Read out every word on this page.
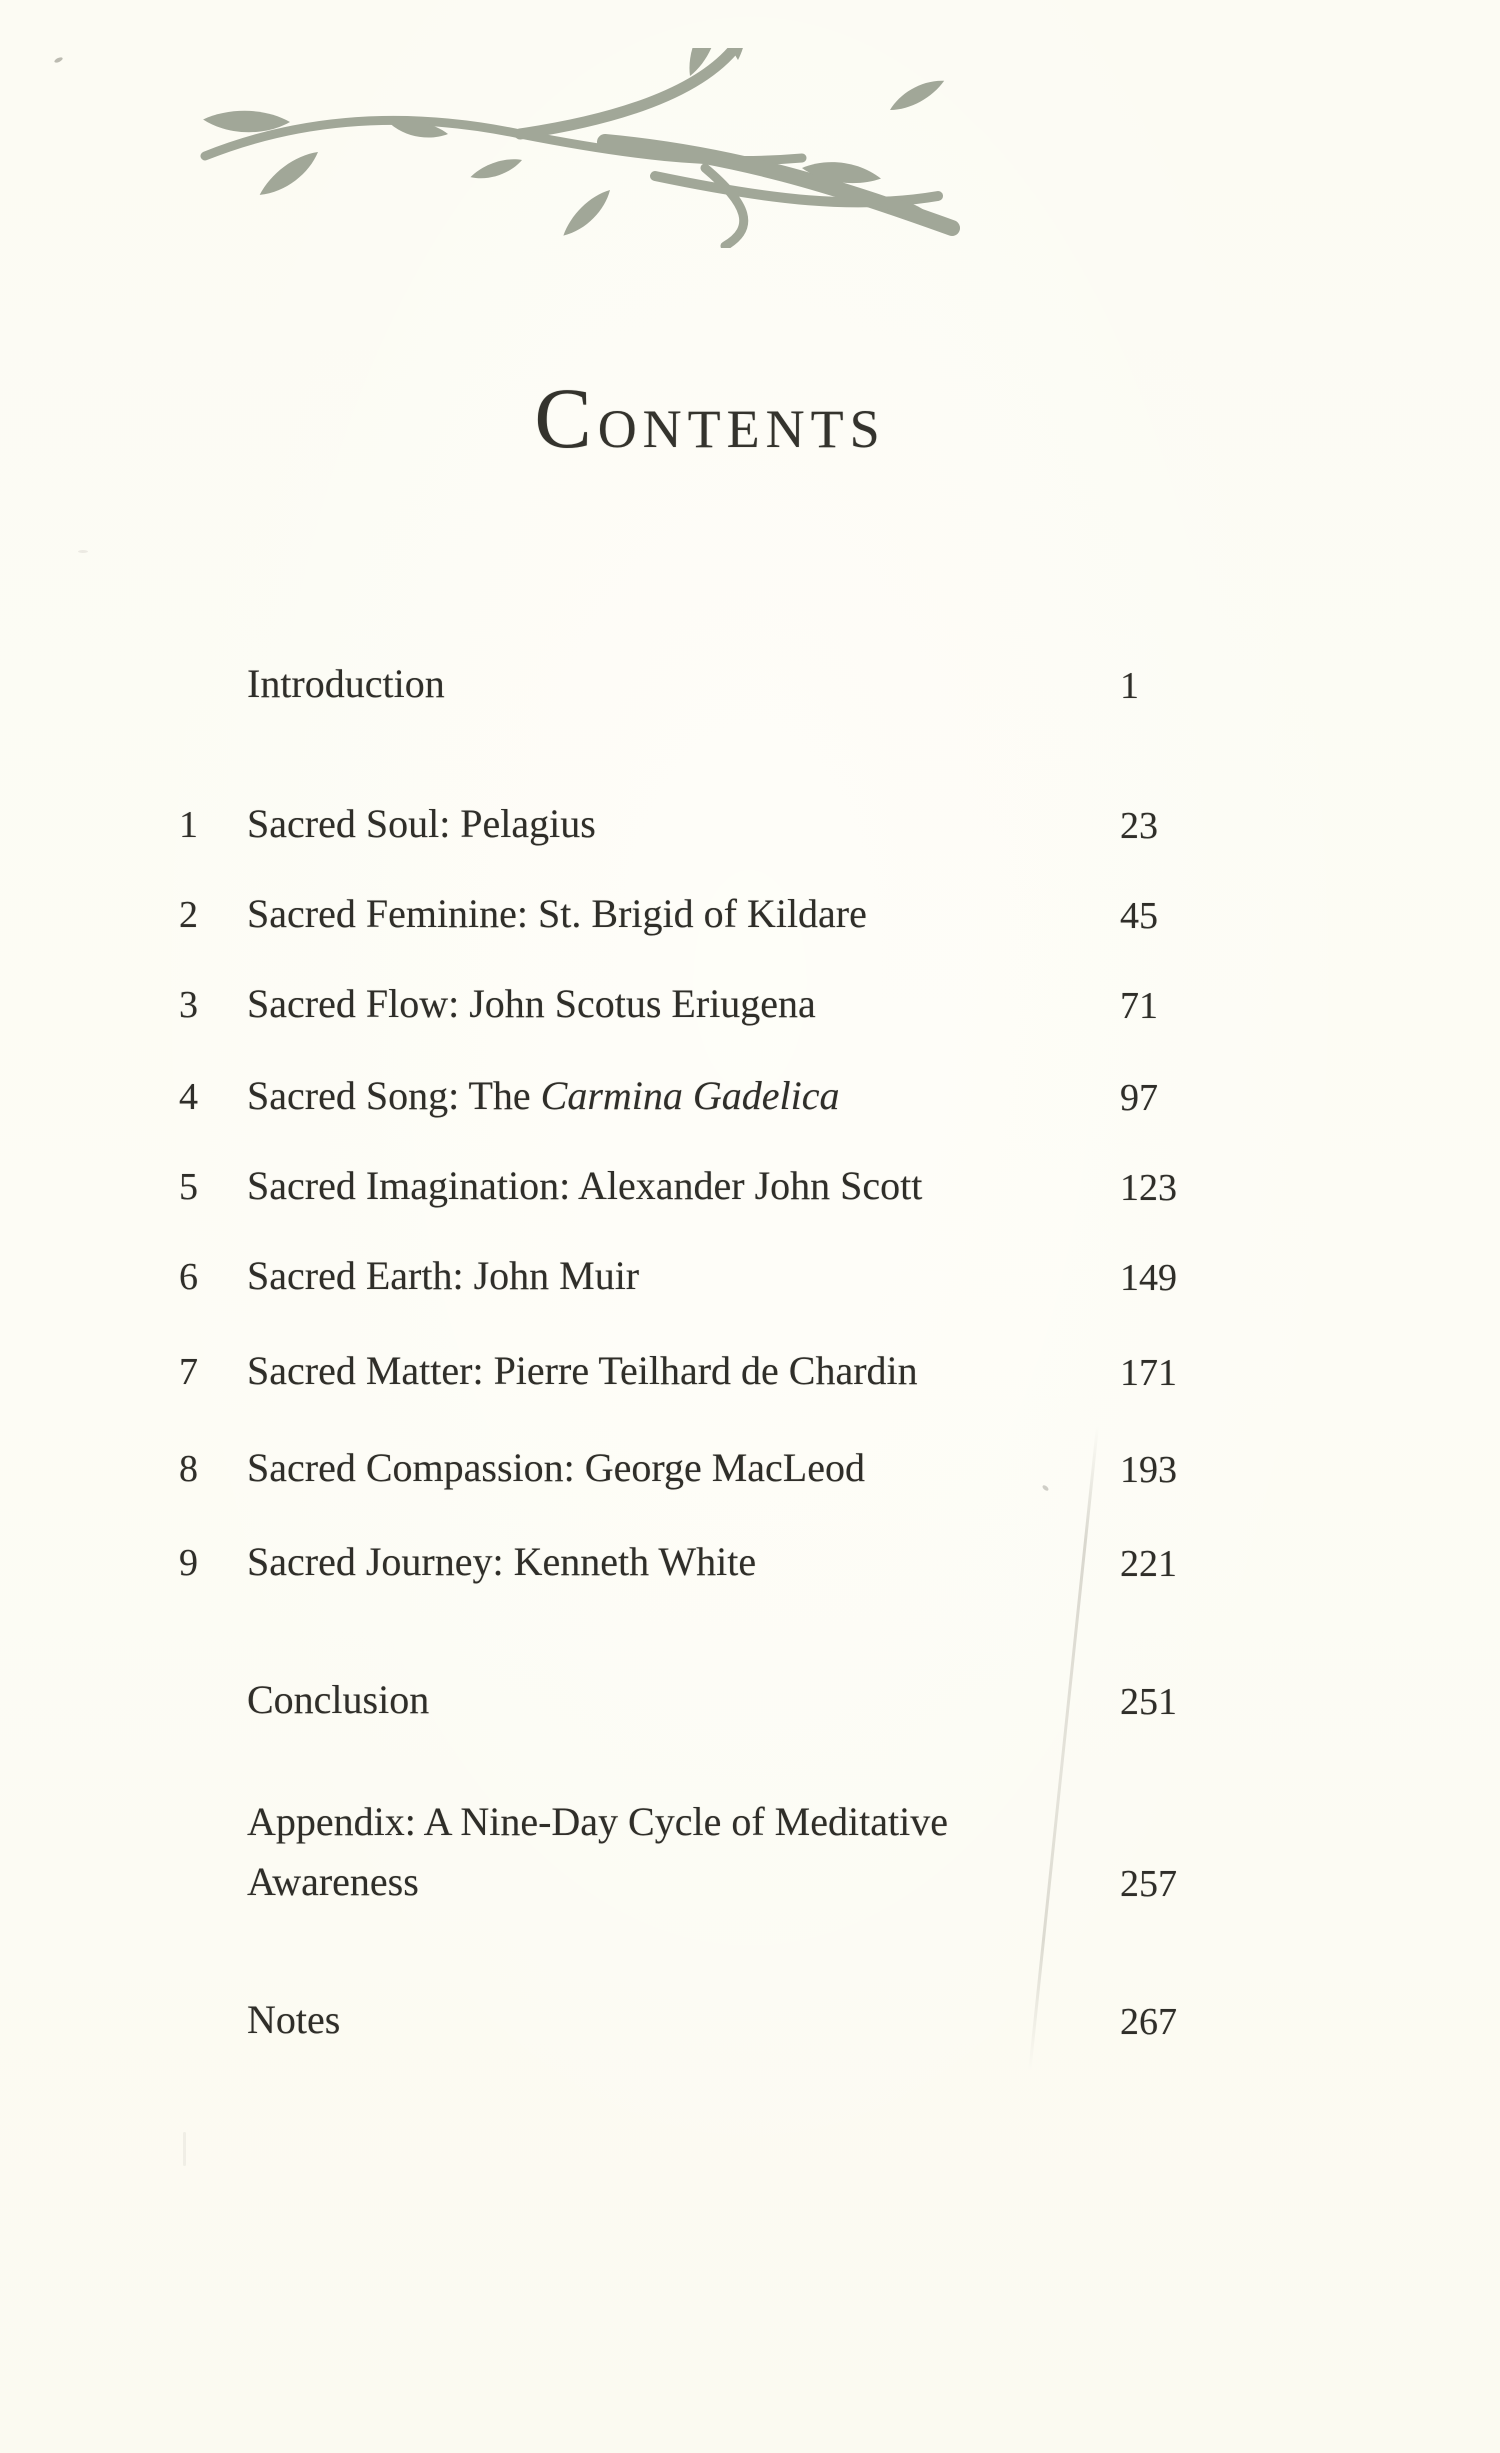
CONTENTS
Introduction	1
1 Sacred Soul: Pelagius	23
2 Sacred Feminine: St. Brigid of Kildare	45
3 Sacred Flow: John Scotus Eriugena	71
4 Sacred Song: The Carmina Gadelica	97
5 Sacred Imagination: Alexander John Scott	123
6 Sacred Earth: John Muir	149
7 Sacred Matter: Pierre Teilhard de Chardin	171
8 Sacred Compassion: George MacLeod	193
9 Sacred Journey: Kenneth White	221
Conclusion	251
Appendix: A Nine-Day Cycle of Meditative
Awareness	257
Notes	267
